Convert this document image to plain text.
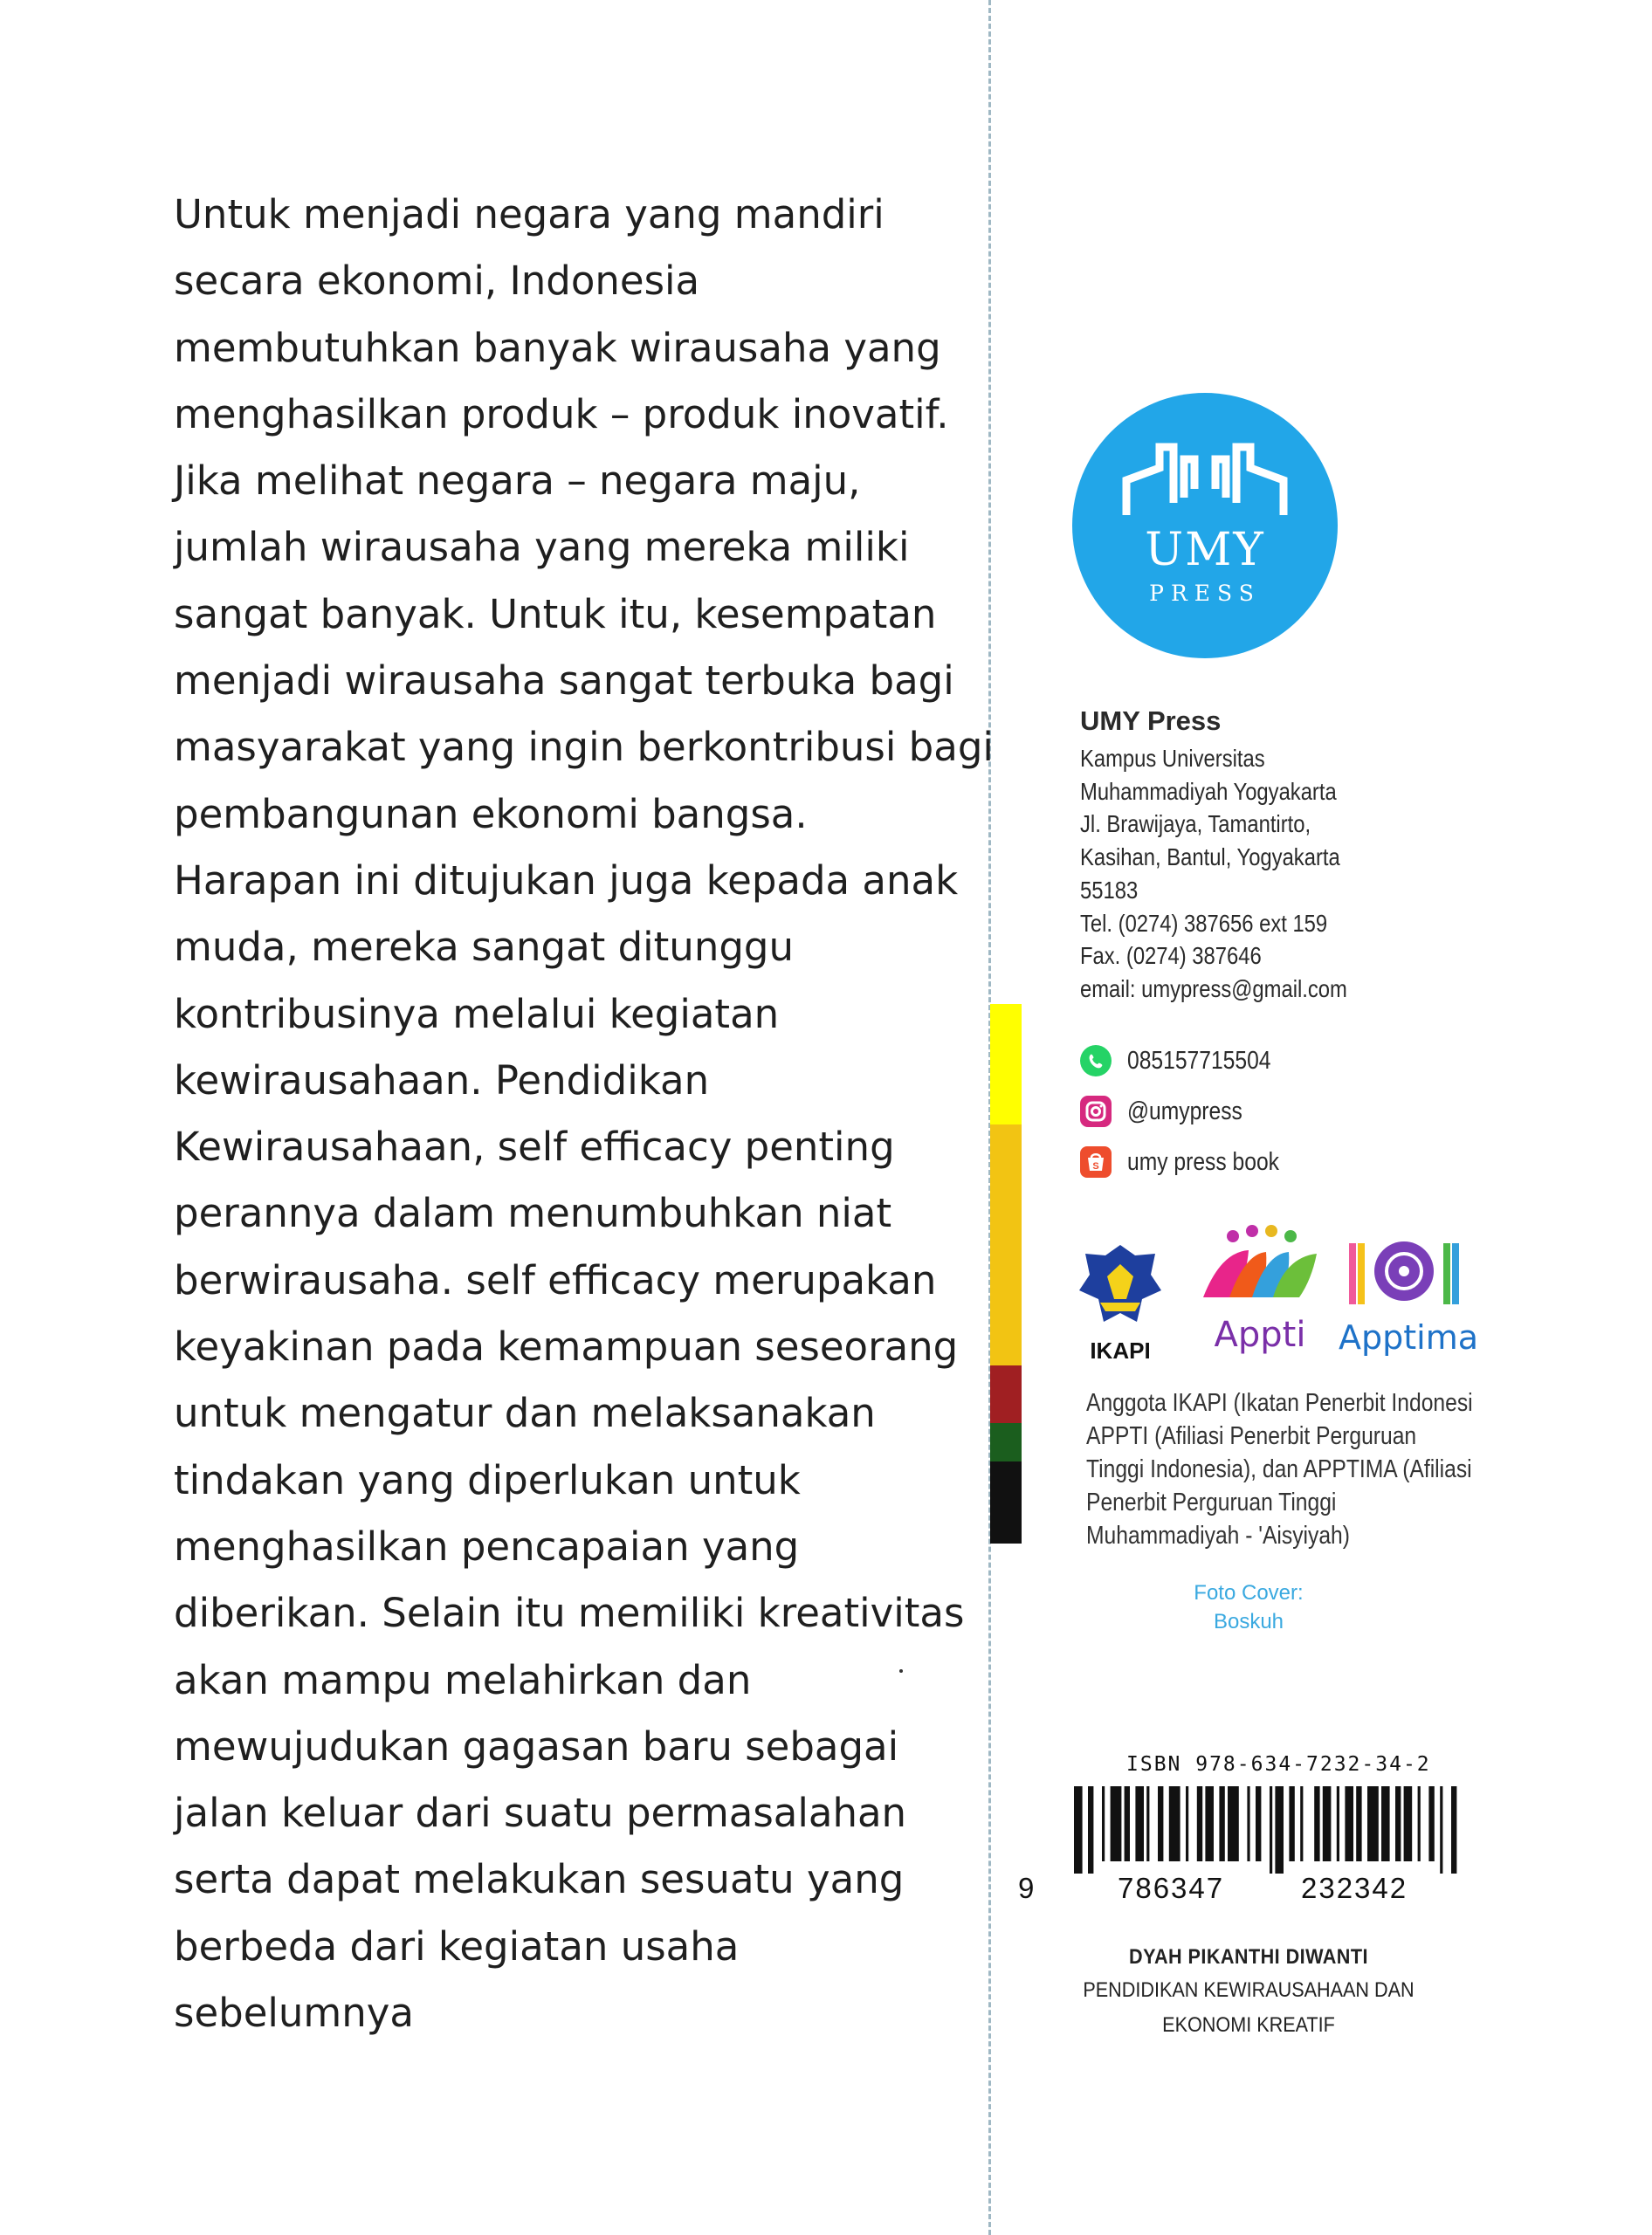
Untuk menjadi negara yang mandiri
secara ekonomi, Indonesia
membutuhkan banyak wirausaha yang
menghasilkan produk – produk inovatif.
Jika melihat negara – negara maju,
jumlah wirausaha yang mereka miliki
sangat banyak. Untuk itu, kesempatan
menjadi wirausaha sangat terbuka bagi
masyarakat yang ingin berkontribusi bagi
pembangunan ekonomi bangsa.
Harapan ini ditujukan juga kepada anak
muda, mereka sangat ditunggu
kontribusinya melalui kegiatan
kewirausahaan. Pendidikan
Kewirausahaan, self efficacy penting
perannya dalam menumbuhkan niat
berwirausaha. self efficacy merupakan
keyakinan pada kemampuan seseorang
untuk mengatur dan melaksanakan
tindakan yang diperlukan untuk
menghasilkan pencapaian yang
diberikan. Selain itu memiliki kreativitas
akan mampu melahirkan dan
mewujudukan gagasan baru sebagai
jalan keluar dari suatu permasalahan
serta dapat melakukan sesuatu yang
berbeda dari kegiatan usaha
sebelumnya
UMY
PRESS
UMY Press
Kampus Universitas
Muhammadiyah Yogyakarta
Jl. Brawijaya, Tamantirto,
Kasihan, Bantul, Yogyakarta
55183
Tel. (0274) 387656 ext 159
Fax. (0274) 387646
email: umypress@gmail.com
085157715504
@umypress
S umy press book
IKAPI	Appti Apptima
Anggota IKAPI (Ikatan Penerbit Indonesi
APPTI (Afiliasi Penerbit Perguruan
Tinggi Indonesia), dan APPTIMA (Afiliasi
Penerbit Perguruan Tinggi
Muhammadiyah - 'Aisyiyah)
Foto Cover:
Boskuh
ISBN 978-634-7232-34-2
9	786347	232342
DYAH PIKANTHI DIWANTI
PENDIDIKAN KEWIRAUSAHAAN DAN
EKONOMI KREATIF
